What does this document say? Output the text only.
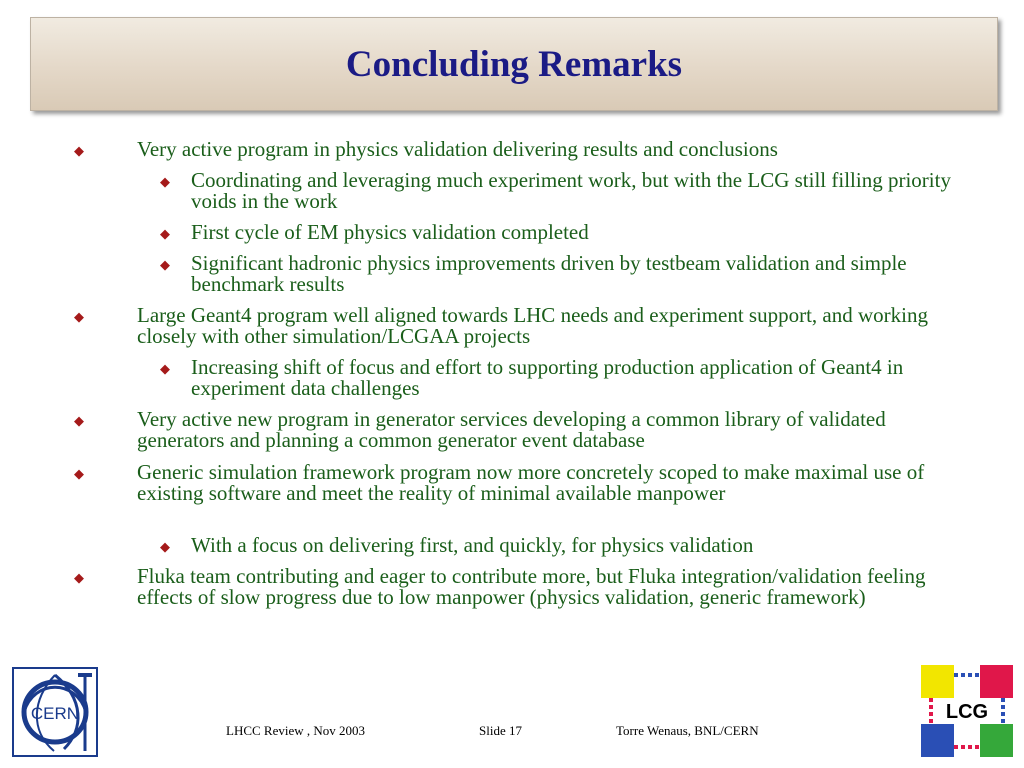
Concluding Remarks
◆	Very active program in physics validation delivering results and conclusions
◆ Coordinating and leveraging much experiment work, but with the LCG still filling priority voids in the work
◆ First cycle of EM physics validation completed
◆ Significant hadronic physics improvements driven by testbeam validation and simple benchmark results
◆	Large Geant4 program well aligned towards LHC needs and experiment support, and working closely with other simulation/LCGAA projects
◆ Increasing shift of focus and effort to supporting production application of Geant4 in experiment data challenges
◆	Very active new program in generator services developing a common library of validated generators and planning a common generator event database
◆	Generic simulation framework program now more concretely scoped to make maximal use of existing software and meet the reality of minimal available manpower
◆ With a focus on delivering first, and quickly, for physics validation
◆	Fluka team contributing and eager to contribute more, but Fluka integration/validation feeling effects of slow progress due to low manpower (physics validation, generic framework)
CERN
LHCC Review , Nov 2003	Slide 17	Torre Wenaus, BNL/CERN
LCG
